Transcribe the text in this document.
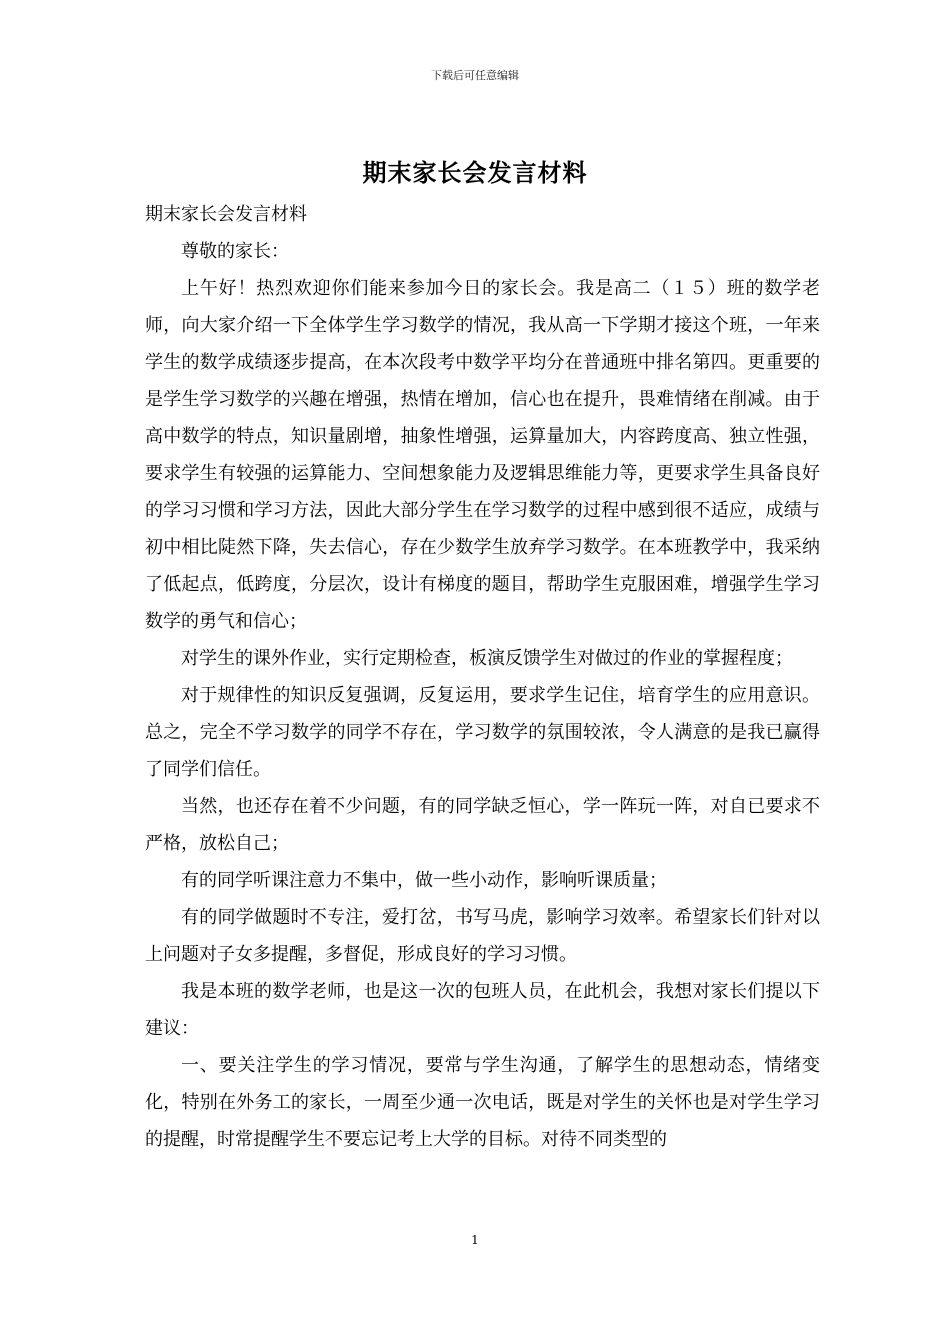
下载后可任意编辑
期末家长会发言材料

期末家长会发言材料

尊敬的家长：

上午好！热烈欢迎你们能来参加今日的家长会。我是高二（１５）班的数学老师，向大家介绍一下全体学生学习数学的情况，我从高一下学期才接这个班，一年来学生的数学成绩逐步提高，在本次段考中数学平均分在普通班中排名第四。更重要的是学生学习数学的兴趣在增强，热情在增加，信心也在提升，畏难情绪在削减。由于高中数学的特点，知识量剧增，抽象性增强，运算量加大，内容跨度高、独立性强，要求学生有较强的运算能力、空间想象能力及逻辑思维能力等，更要求学生具备良好的学习习惯和学习方法，因此大部分学生在学习数学的过程中感到很不适应，成绩与初中相比陡然下降，失去信心，存在少数学生放弃学习数学。在本班教学中，我采纳了低起点，低跨度，分层次，设计有梯度的题目，帮助学生克服困难，增强学生学习数学的勇气和信心；

对学生的课外作业，实行定期检查，板演反馈学生对做过的作业的掌握程度；

对于规律性的知识反复强调，反复运用，要求学生记住，培育学生的应用意识。总之，完全不学习数学的同学不存在，学习数学的氛围较浓，令人满意的是我已赢得了同学们信任。

当然，也还存在着不少问题，有的同学缺乏恒心，学一阵玩一阵，对自已要求不严格，放松自己；

有的同学听课注意力不集中，做一些小动作，影响听课质量；

有的同学做题时不专注，爱打岔，书写马虎，影响学习效率。希望家长们针对以上问题对子女多提醒，多督促，形成良好的学习习惯。

我是本班的数学老师，也是这一次的包班人员，在此机会，我想对家长们提以下建议：

一、要关注学生的学习情况，要常与学生沟通，了解学生的思想动态，情绪变化，特别在外务工的家长，一周至少通一次电话，既是对学生的关怀也是对学生学习的提醒，时常提醒学生不要忘记考上大学的目标。对待不同类型的

1
